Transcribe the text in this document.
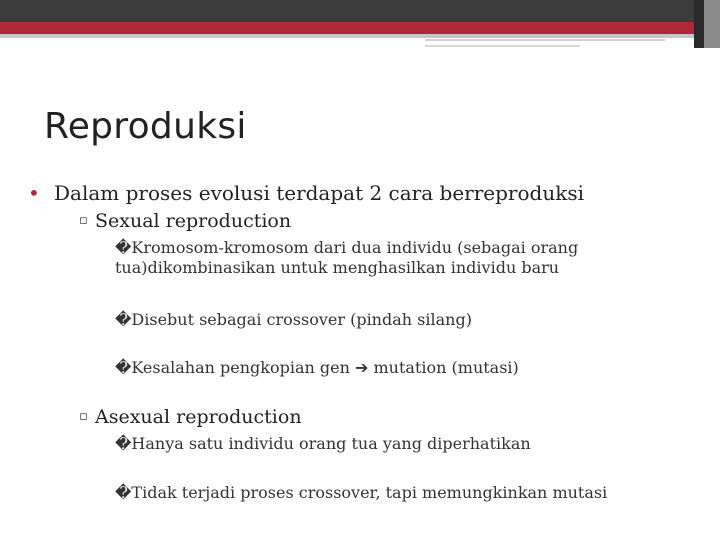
Reproduksi
• Dalam proses evolusi terdapat 2 cara berreproduksi
▫ Sexual reproduction
�Kromosom-kromosom dari dua individu (sebagai orang tua)dikombinasikan untuk menghasilkan individu baru
�Disebut sebagai crossover (pindah silang)
�Kesalahan pengkopian gen ➔ mutation (mutasi)
▫ Asexual reproduction
�Hanya satu individu orang tua yang diperhatikan
�Tidak terjadi proses crossover, tapi memungkinkan mutasi
